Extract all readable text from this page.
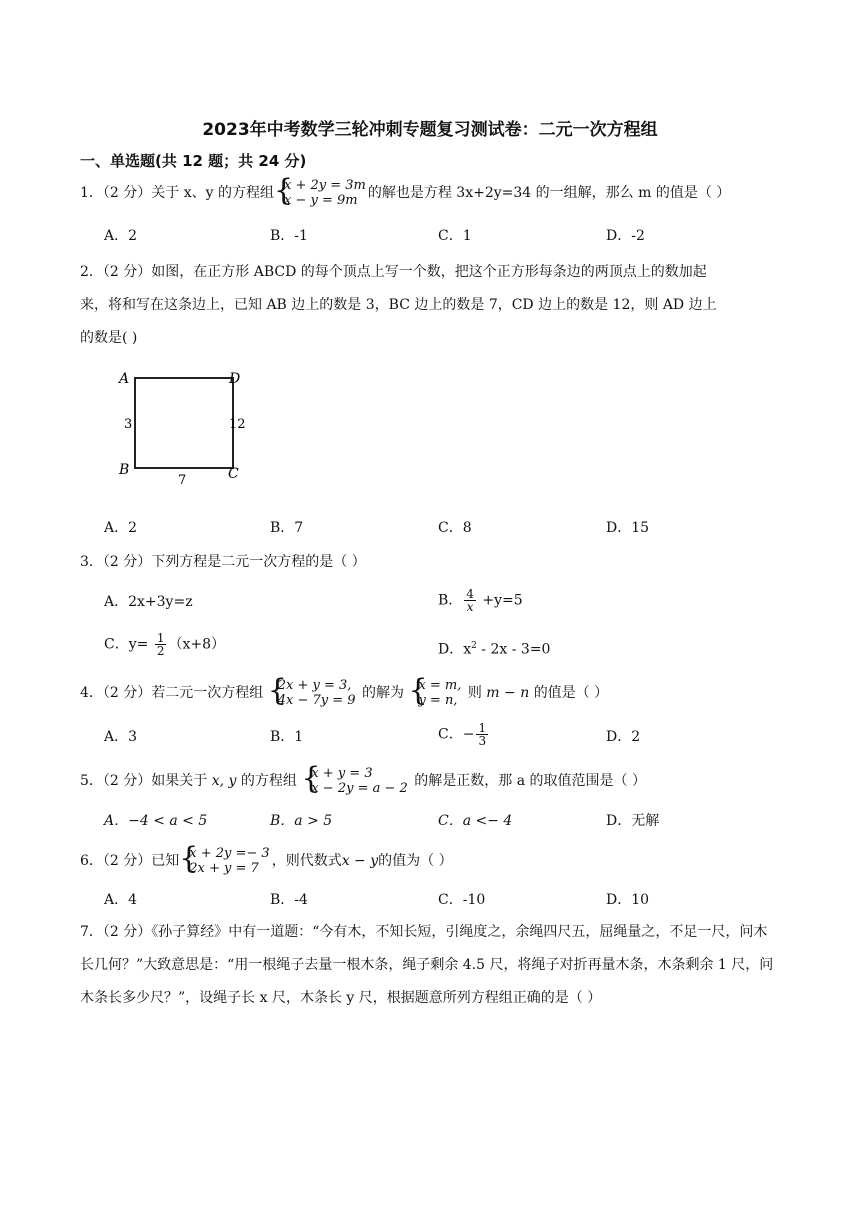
2023年中考数学三轮冲刺专题复习测试卷：二元一次方程组
一、单选题(共 12 题；共 24 分)
1．（2 分）关于 x、y 的方程组 {
x + 2y = 3m
x − y = 9m 的解也是方程 3x+2y=34 的一组解，那么 m 的值是（ ）
A．2	B．-1	C．1	D．-2
2．（2 分）如图，在正方形 ABCD 的每个顶点上写一个数，把这个正方形每条边的两顶点上的数加起
来，将和写在这条边上，已知 AB 边上的数是 3，BC 边上的数是 7，CD 边上的数是 12，则 AD 边上
的数是( )
A	D
B	C
3
7
12
A．2	B．7	C．8	D．15
3．（2 分）下列方程是二元一次方程的是（ ）
A．2x+3y=z	B． $\frac{4}{x} +y=5$
C．$y= \frac{1}{2} (x+8)$	D．$x^2$ ‑ 2x ‑ 3=0
4．（2 分）若二元一次方程组 {
2x + y = 3,
4x − 7y = 9 的解为 {
x = m,
y = n, 则 m − n 的值是（ ）
A．3	B．1	C．− $\frac{1}{3}$	D．2
5．（2 分）如果关于 x, y 的方程组 {
x + y = 3
x − 2y = a − 2 的解是正数，那 a 的取值范围是（ ）
A．−4 < a < 5	B．a > 5	C．a <− 4	D．无解
6．（2 分）已知 {
x + 2y =− 3
2x + y = 7 ，则代数式x − y的值为（ ）
A．4	B．-4	C．-10	D．10
7．（2 分）《孙子算经》中有一道题：“今有木，不知长短，引绳度之，余绳四尺五，屈绳量之，不足一尺，问木长几何？”大致意思是：“用一根绳子去量一根木条，绳子剩余 4.5 尺，将绳子对折再量木条，木条剩余 1 尺，问木条长多少尺？”，设绳子长 x 尺，木条长 y 尺，根据题意所列方程组正确的是（ ）
